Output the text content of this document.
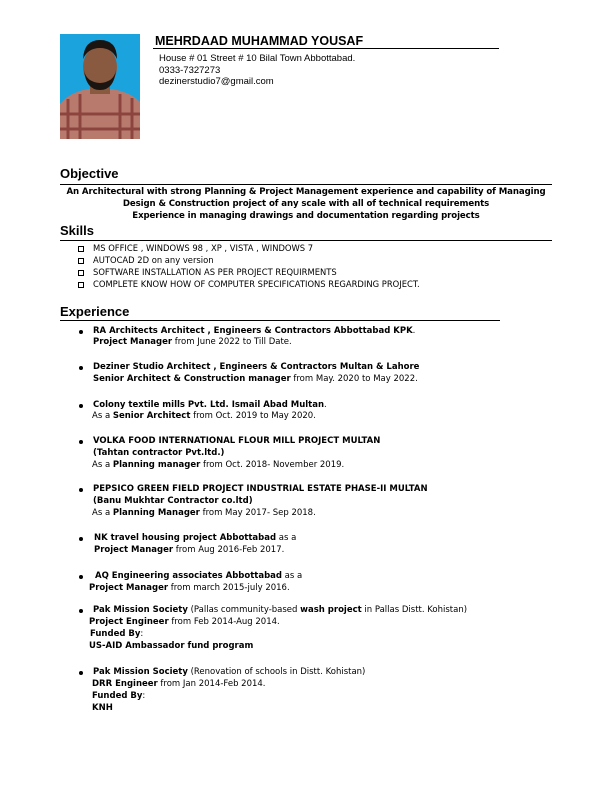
MEHRDAAD MUHAMMAD YOUSAF
House # 01 Street # 10 Bilal Town Abbottabad.
0333-7327273
dezinerstudio7@gmail.com
Objective
An Architectural with strong Planning & Project Management experience and capability of Managing
Design & Construction project of any scale with all of technical requirements
Experience in managing drawings and documentation regarding projects
Skills
MS OFFICE , WINDOWS 98 , XP , VISTA , WINDOWS 7
AUTOCAD 2D on any version
SOFTWARE INSTALLATION AS PER PROJECT REQUIRMENTS
COMPLETE KNOW HOW OF COMPUTER SPECIFICATIONS REGARDING PROJECT.
Experience
RA Architects Architect , Engineers & Contractors Abbottabad KPK.
Project Manager from June 2022 to Till Date.
Deziner Studio Architect , Engineers & Contractors Multan & Lahore
Senior Architect & Construction manager from May. 2020 to May 2022.
Colony textile mills Pvt. Ltd. Ismail Abad Multan.
As a Senior Architect from Oct. 2019 to May 2020.
VOLKA FOOD INTERNATIONAL FLOUR MILL PROJECT MULTAN
(Tahtan contractor Pvt.ltd.)
As a Planning manager from Oct. 2018- November 2019.
PEPSICO GREEN FIELD PROJECT INDUSTRIAL ESTATE PHASE-II MULTAN
(Banu Mukhtar Contractor co.ltd)
As a Planning Manager from May 2017- Sep 2018.
NK travel housing project Abbottabad as a
Project Manager from Aug 2016-Feb 2017.
AQ Engineering associates Abbottabad as a
Project Manager from march 2015-july 2016.
Pak Mission Society (Pallas community-based wash project in Pallas Distt. Kohistan)
Project Engineer from Feb 2014-Aug 2014.
Funded By:
US-AID Ambassador fund program
Pak Mission Society (Renovation of schools in Distt. Kohistan)
DRR Engineer from Jan 2014-Feb 2014.
Funded By:
KNH
